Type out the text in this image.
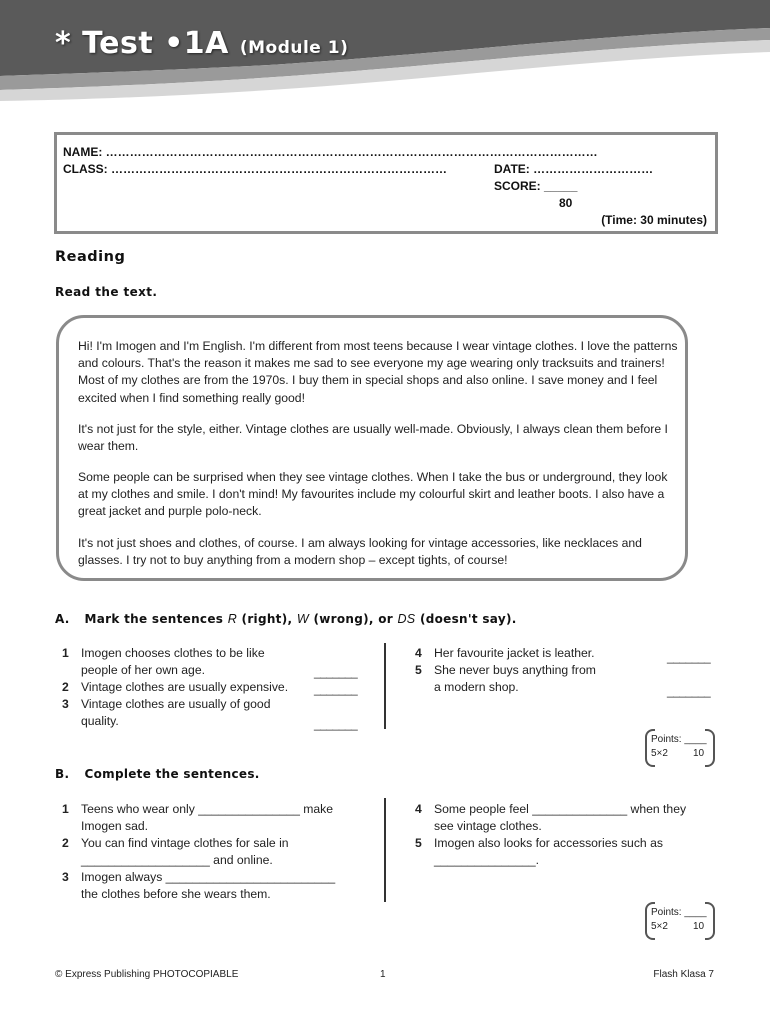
* Test •1A (Module 1)
NAME: ……………………………………………………………………………………………………………
CLASS: …………………………………………………………………………	DATE: …………………………
SCORE: _____
80
(Time: 30 minutes)
Reading
Read the text.

Hi! I'm Imogen and I'm English. I'm different from most teens because I wear vintage clothes. I love the patterns and colours. That's the reason it makes me sad to see everyone my age wearing only tracksuits and trainers! Most of my clothes are from the 1970s. I buy them in special shops and also online. I save money and I feel excited when I find something really good!

It's not just for the style, either. Vintage clothes are usually well-made. Obviously, I always clean them before I wear them.

Some people can be surprised when they see vintage clothes. When I take the bus or underground, they look at my clothes and smile. I don't mind! My favourites include my colourful skirt and leather boots. I also have a great jacket and purple polo-neck.

It's not just shoes and clothes, of course. I am always looking for vintage accessories, like necklaces and glasses. I try not to buy anything from a modern shop – except tights, of course!

A. Mark the sentences R (right), W (wrong), or DS (doesn't say).
1 Imogen chooses clothes to be like
people of her own age.	_______
2 Vintage clothes are usually expensive. _______
3 Vintage clothes are usually of good
quality.	_______
4 Her favourite jacket is leather.	_______
5 She never buys anything from
a modern shop.	_______
Points: ____
5×2	10
B. Complete the sentences.
1 Teens who wear only _______________ make
Imogen sad.
2 You can find vintage clothes for sale in
___________________ and online.
3 Imogen always _________________________
the clothes before she wears them.
4 Some people feel ______________ when they
see vintage clothes.
5 Imogen also looks for accessories such as
_______________.
Points: ____
5×2	10
© Express Publishing PHOTOCOPIABLE	1	Flash Klasa 7
